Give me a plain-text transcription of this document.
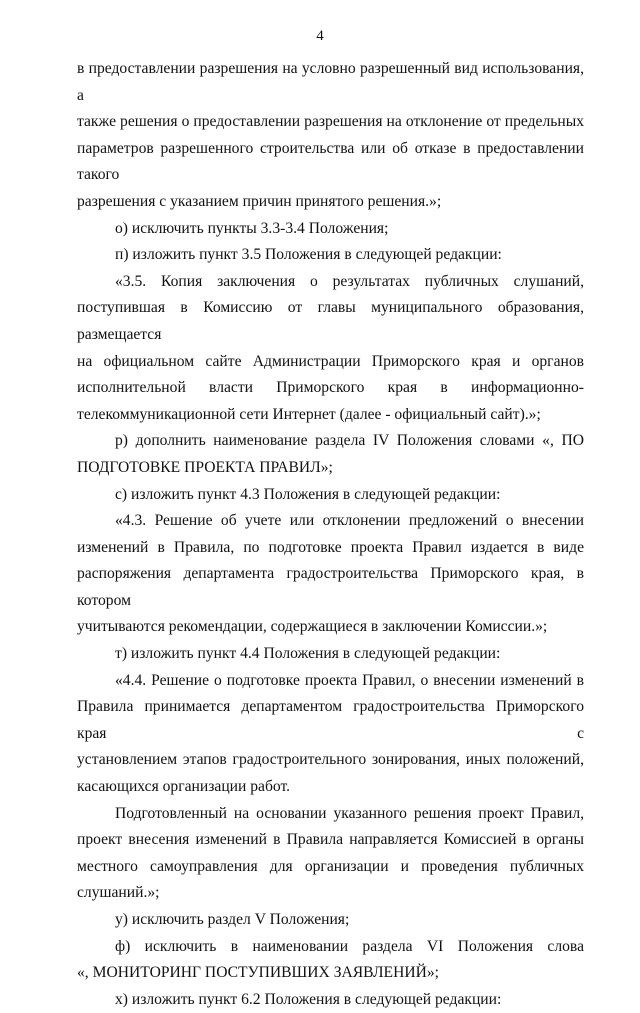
4
в предоставлении разрешения на условно разрешенный вид использования, а
также решения о предоставлении разрешения на отклонение от предельных
параметров разрешенного строительства или об отказе в предоставлении такого
разрешения с указанием причин принятого решения.»;
о) исключить пункты 3.3-3.4 Положения;
п) изложить пункт 3.5 Положения в следующей редакции:
«3.5. Копия заключения о результатах публичных слушаний,
поступившая в Комиссию от главы муниципального образования, размещается
на официальном сайте Администрации Приморского края и органов
исполнительной власти Приморского края в информационно-
телекоммуникационной сети Интернет (далее - официальный сайт).»;
р) дополнить наименование раздела IV Положения словами «, ПО
ПОДГОТОВКЕ ПРОЕКТА ПРАВИЛ»;
с) изложить пункт 4.3 Положения в следующей редакции:
«4.3. Решение об учете или отклонении предложений о внесении
изменений в Правила, по подготовке проекта Правил издается в виде
распоряжения департамента градостроительства Приморского края, в котором
учитываются рекомендации, содержащиеся в заключении Комиссии.»;
т) изложить пункт 4.4 Положения в следующей редакции:
«4.4. Решение о подготовке проекта Правил, о внесении изменений в
Правила принимается департаментом градостроительства Приморского края с
установлением этапов градостроительного зонирования, иных положений,
касающихся организации работ.
Подготовленный на основании указанного решения проект Правил,
проект внесения изменений в Правила направляется Комиссией в органы
местного самоуправления для организации и проведения публичных
слушаний.»;
у) исключить раздел V Положения;
ф) исключить в наименовании раздела VI Положения слова
«, МОНИТОРИНГ ПОСТУПИВШИХ ЗАЯВЛЕНИЙ»;
х) изложить пункт 6.2 Положения в следующей редакции:
